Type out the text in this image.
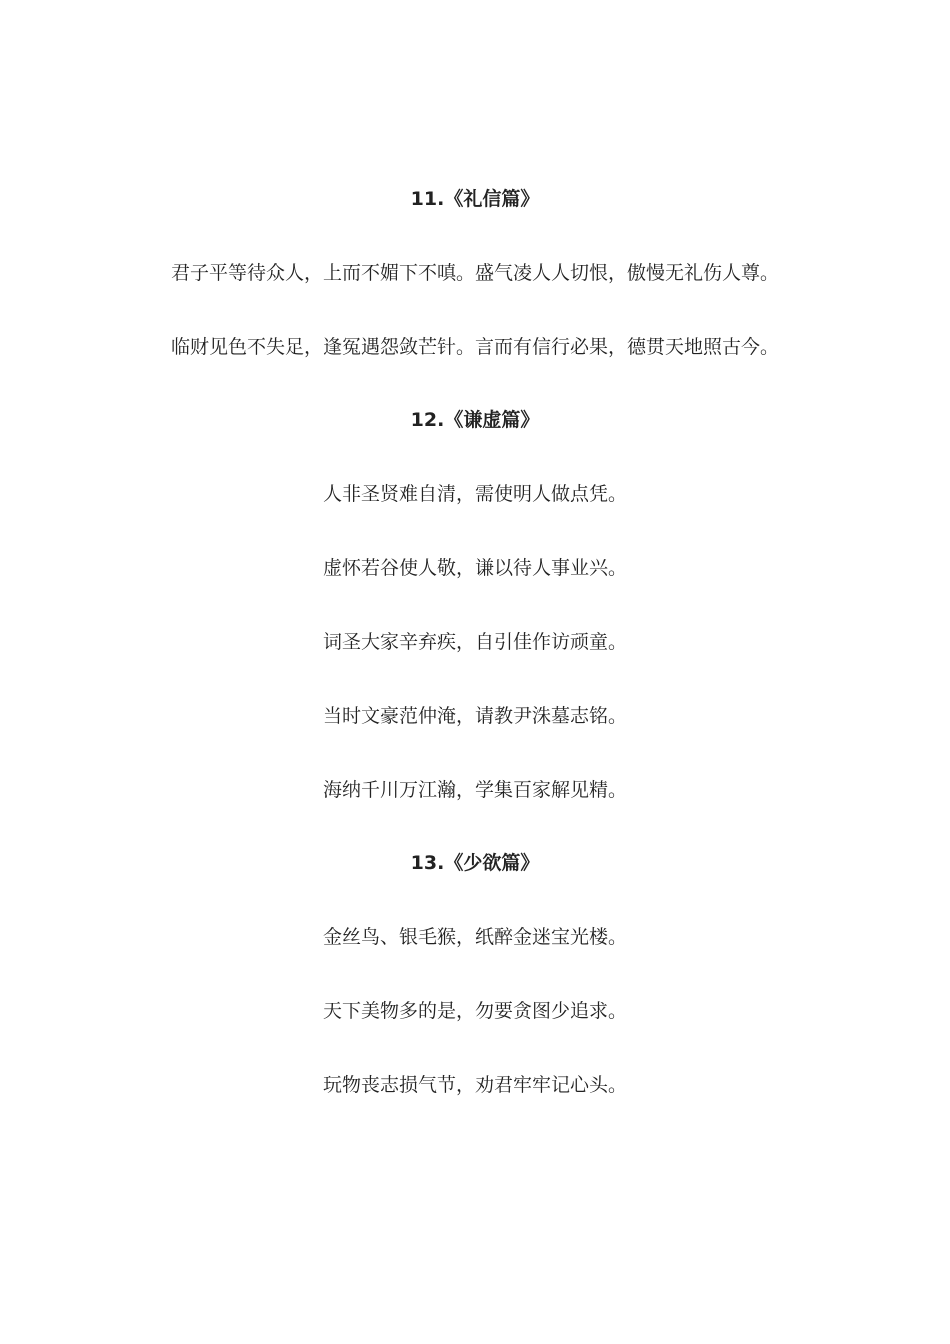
11.《礼信篇》
君子平等待众人，上而不媚下不嗔。盛气凌人人切恨，傲慢无礼伤人尊。
临财见色不失足，逢冤遇怨敛芒针。言而有信行必果，德贯天地照古今。
12.《谦虚篇》
人非圣贤难自清，需使明人做点凭。
虚怀若谷使人敬，谦以待人事业兴。
词圣大家辛弃疾，自引佳作访顽童。
当时文豪范仲淹，请教尹洙墓志铭。
海纳千川万江瀚，学集百家解见精。
13.《少欲篇》
金丝鸟、银毛猴，纸醉金迷宝光楼。
天下美物多的是，勿要贪图少追求。
玩物丧志损气节，劝君牢牢记心头。
